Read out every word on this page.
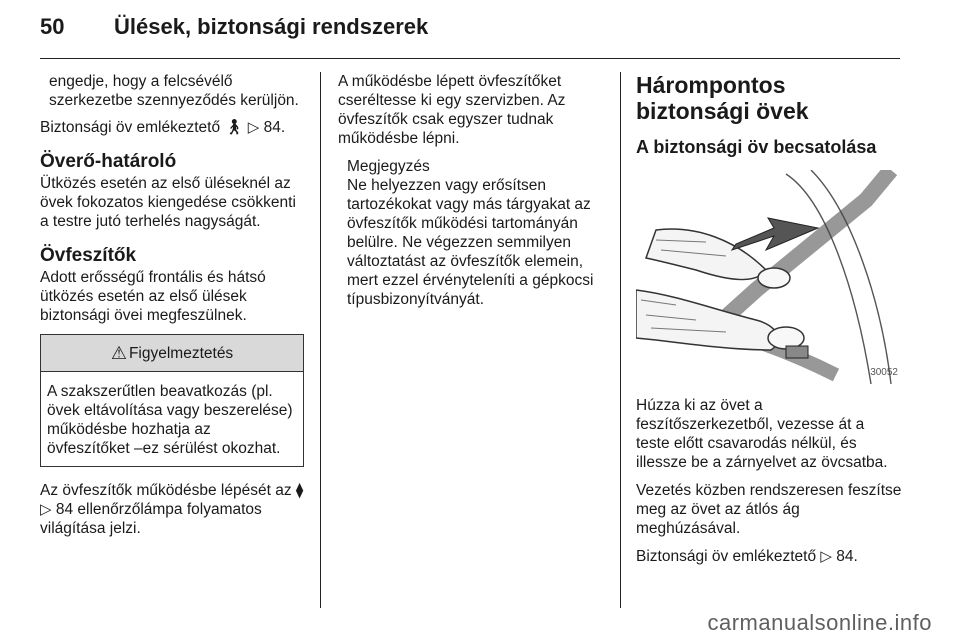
50 Ülések, biztonsági rendszerek

engedje, hogy a felcsévélő szerkezetbe szennyeződés kerüljön.

Biztonsági öv emlékeztető 🚶︎ ▷ 84.

Överő-határoló

Ütközés esetén az első üléseknél az övek fokozatos kiengedése csökkenti a testre jutó terhelés nagyságát.

Övfeszítők

Adott erősségű frontális és hátsó ütközés esetén az első ülések biztonsági övei megfeszülnek.

⚠︎ Figyelmeztetés
A szakszerűtlen beavatkozás (pl. övek eltávolítása vagy beszerelése) működésbe hozhatja az övfeszítőket –ez sérülést okozhat.

Az övfeszítők működésbe lépését az ⧫ ▷ 84 ellenőrzőlámpa folyamatos világítása jelzi.

A működésbe lépett övfeszítőket cseréltesse ki egy szervizben. Az övfeszítők csak egyszer tudnak működésbe lépni.

Megjegyzés
Ne helyezzen vagy erősítsen tartozékokat vagy más tárgyakat az övfeszítők működési tartományán belülre. Ne végezzen semmilyen változtatást az övfeszítők elemein, mert ezzel érvényteleníti a gépkocsi típusbizonyítványát.
Hárompontos biztonsági övek
A biztonsági öv becsatolása
30052

Húzza ki az övet a feszítőszerkezetből, vezesse át a teste előtt csavarodás nélkül, és illessze be a zárnyelvet az övcsatba.

Vezetés közben rendszeresen feszítse meg az övet az átlós ág meghúzásával.

Biztonsági öv emlékeztető ▷ 84.

carmanualsonline.info
